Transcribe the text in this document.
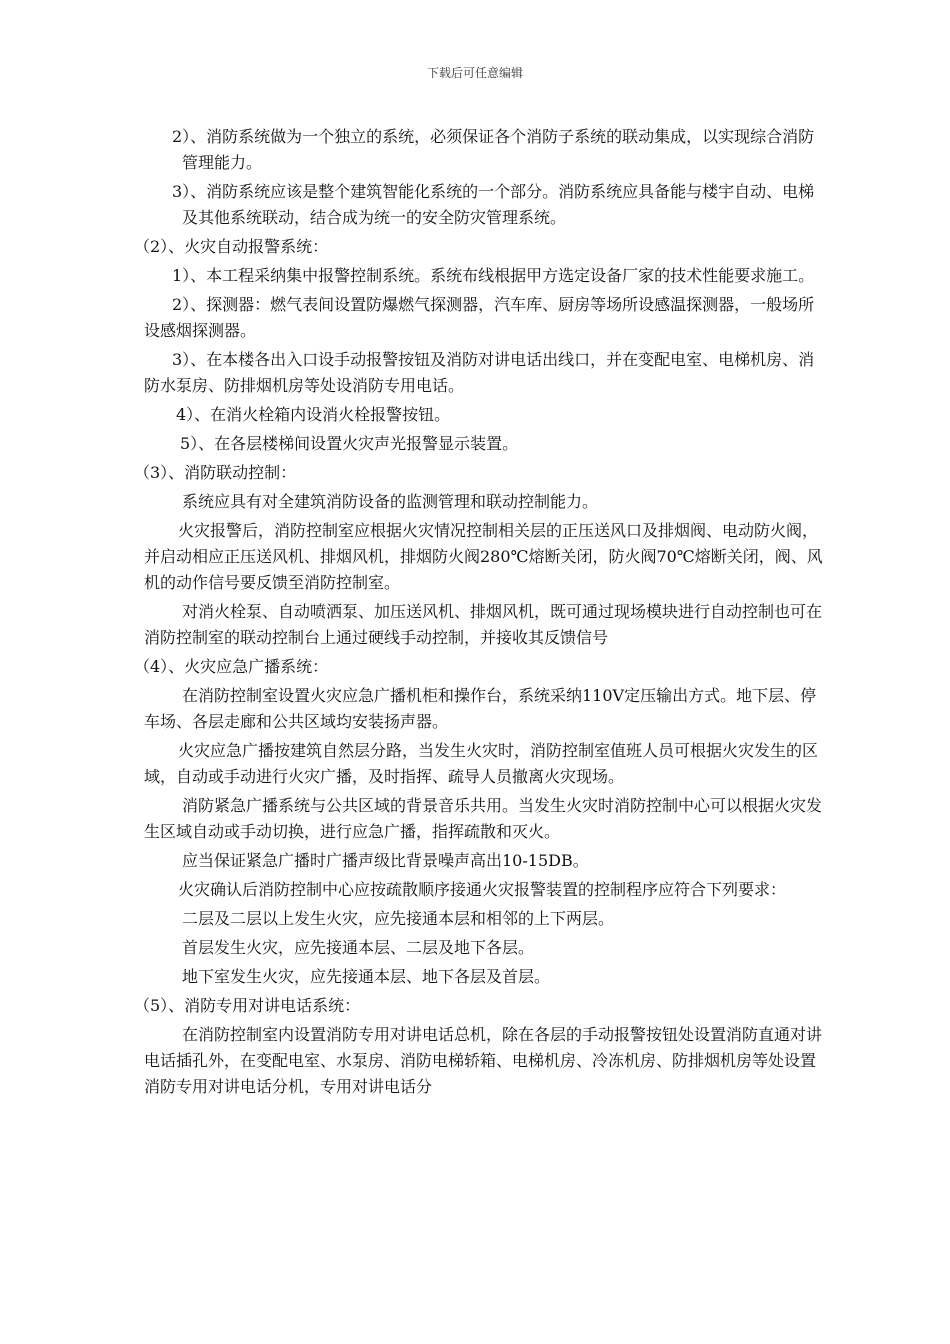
下载后可任意编辑

2）、消防系统做为一个独立的系统，必须保证各个消防子系统的联动集成，以实现综合消防管理能力。

3）、消防系统应该是整个建筑智能化系统的一个部分。消防系统应具备能与楼宇自动、电梯及其他系统联动，结合成为统一的安全防灾管理系统。

（2）、火灾自动报警系统：

1）、本工程采纳集中报警控制系统。系统布线根据甲方选定设备厂家的技术性能要求施工。

2）、探测器：燃气表间设置防爆燃气探测器，汽车库、厨房等场所设感温探测器，一般场所设感烟探测器。

3）、在本楼各出入口设手动报警按钮及消防对讲电话出线口，并在变配电室、电梯机房、消防水泵房、防排烟机房等处设消防专用电话。

4）、在消火栓箱内设消火栓报警按钮。

5）、在各层楼梯间设置火灾声光报警显示装置。

（3）、消防联动控制：

系统应具有对全建筑消防设备的监测管理和联动控制能力。

火灾报警后，消防控制室应根据火灾情况控制相关层的正压送风口及排烟阀、电动防火阀，并启动相应正压送风机、排烟风机，排烟防火阀280℃熔断关闭，防火阀70℃熔断关闭，阀、风机的动作信号要反馈至消防控制室。

对消火栓泵、自动喷洒泵、加压送风机、排烟风机，既可通过现场模块进行自动控制也可在消防控制室的联动控制台上通过硬线手动控制，并接收其反馈信号

（4）、火灾应急广播系统：

在消防控制室设置火灾应急广播机柜和操作台，系统采纳110V定压输出方式。地下层、停车场、各层走廊和公共区域均安装扬声器。

火灾应急广播按建筑自然层分路，当发生火灾时，消防控制室值班人员可根据火灾发生的区域，自动或手动进行火灾广播，及时指挥、疏导人员撤离火灾现场。

消防紧急广播系统与公共区域的背景音乐共用。当发生火灾时消防控制中心可以根据火灾发生区域自动或手动切换，进行应急广播，指挥疏散和灭火。

应当保证紧急广播时广播声级比背景噪声高出10-15DB。

火灾确认后消防控制中心应按疏散顺序接通火灾报警装置的控制程序应符合下列要求：

二层及二层以上发生火灾，应先接通本层和相邻的上下两层。

首层发生火灾，应先接通本层、二层及地下各层。

地下室发生火灾，应先接通本层、地下各层及首层。

（5）、消防专用对讲电话系统：

在消防控制室内设置消防专用对讲电话总机，除在各层的手动报警按钮处设置消防直通对讲电话插孔外，在变配电室、水泵房、消防电梯轿箱、电梯机房、冷冻机房、防排烟机房等处设置消防专用对讲电话分机，专用对讲电话分
